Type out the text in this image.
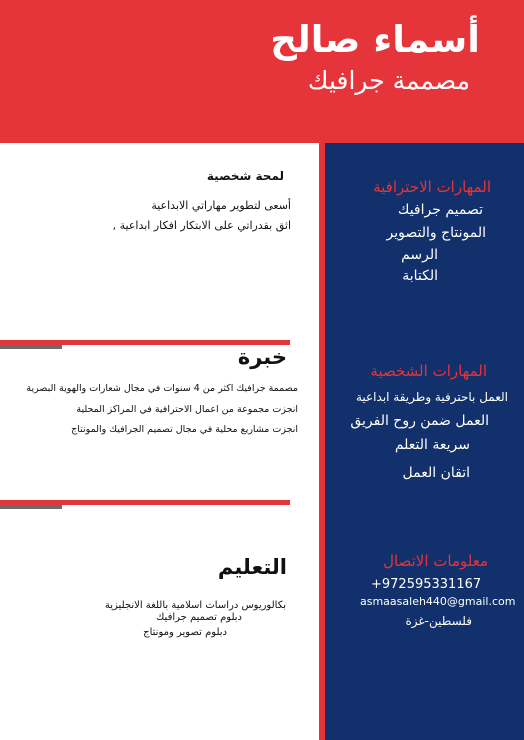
أسماء صالح
مصممة جرافيك
المهارات الاحترافية
تصميم جرافيك
المونتاج والتصوير
الرسم
الكتابة
المهارات الشخصية
العمل باحترفية وطريقة ابداعية
العمل ضمن روح الفريق
سريعة التعلم
اتقان العمل
معلومات الاتصال
+972595331167
asmaasaleh440@gmail.com
فلسطين-غزة
لمحة شخصية
أسعى لتطوير مهاراتي الابداعية
اثق بقدراتي على الابتكار افكار ابداعية ,
خبرة
مصممة جرافيك اكثر من 4 سنوات في مجال شعارات والهوية البصرية
انجزت مجموعة من اعمال الاحترافية في المراكز المحلية
انجزت مشاريع محلية في مجال تصميم الجرافيك والمونتاج
التعليم
بكالوريوس دراسات اسلامية باللغة الانجليزية
دبلوم تصميم جرافيك
دبلوم تصوير ومونتاج
